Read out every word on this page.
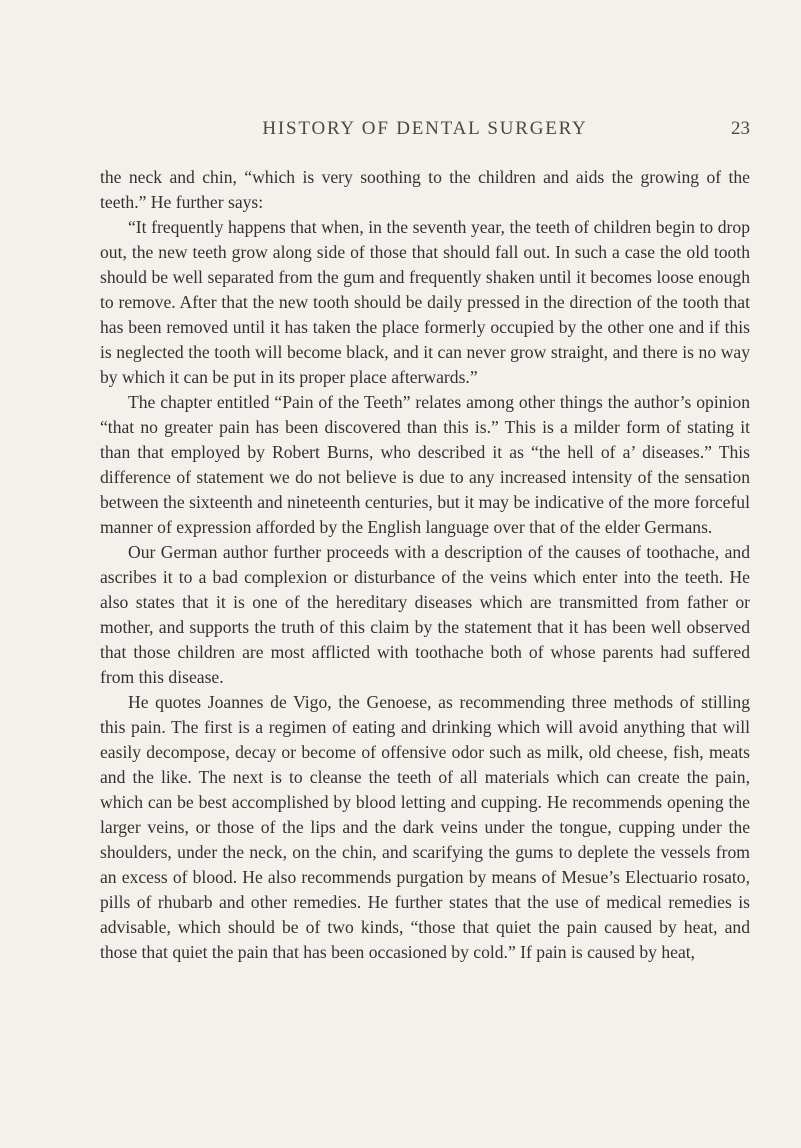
HISTORY OF DENTAL SURGERY	23

the neck and chin, “which is very soothing to the children and aids the growing of the teeth.” He further says:

“It frequently happens that when, in the seventh year, the teeth of children begin to drop out, the new teeth grow along side of those that should fall out. In such a case the old tooth should be well separated from the gum and frequently shaken until it becomes loose enough to remove. After that the new tooth should be daily pressed in the direction of the tooth that has been removed until it has taken the place formerly occupied by the other one and if this is neglected the tooth will become black, and it can never grow straight, and there is no way by which it can be put in its proper place afterwards.”

The chapter entitled “Pain of the Teeth” relates among other things the author’s opinion “that no greater pain has been discovered than this is.” This is a milder form of stating it than that employed by Robert Burns, who described it as “the hell of a’ diseases.” This difference of statement we do not believe is due to any increased intensity of the sensation between the sixteenth and nineteenth centuries, but it may be indicative of the more forceful manner of expression afforded by the English language over that of the elder Germans.

Our German author further proceeds with a description of the causes of toothache, and ascribes it to a bad complexion or disturbance of the veins which enter into the teeth. He also states that it is one of the hereditary diseases which are transmitted from father or mother, and supports the truth of this claim by the statement that it has been well observed that those children are most afflicted with toothache both of whose parents had suffered from this disease.

He quotes Joannes de Vigo, the Genoese, as recommending three methods of stilling this pain. The first is a regimen of eating and drinking which will avoid anything that will easily decompose, decay or become of offensive odor such as milk, old cheese, fish, meats and the like. The next is to cleanse the teeth of all materials which can create the pain, which can be best accomplished by blood letting and cupping. He recommends opening the larger veins, or those of the lips and the dark veins under the tongue, cupping under the shoulders, under the neck, on the chin, and scarifying the gums to deplete the vessels from an excess of blood. He also recommends purgation by means of Mesue’s Electuario rosato, pills of rhubarb and other remedies. He further states that the use of medical remedies is advisable, which should be of two kinds, “those that quiet the pain caused by heat, and those that quiet the pain that has been occasioned by cold.” If pain is caused by heat,
